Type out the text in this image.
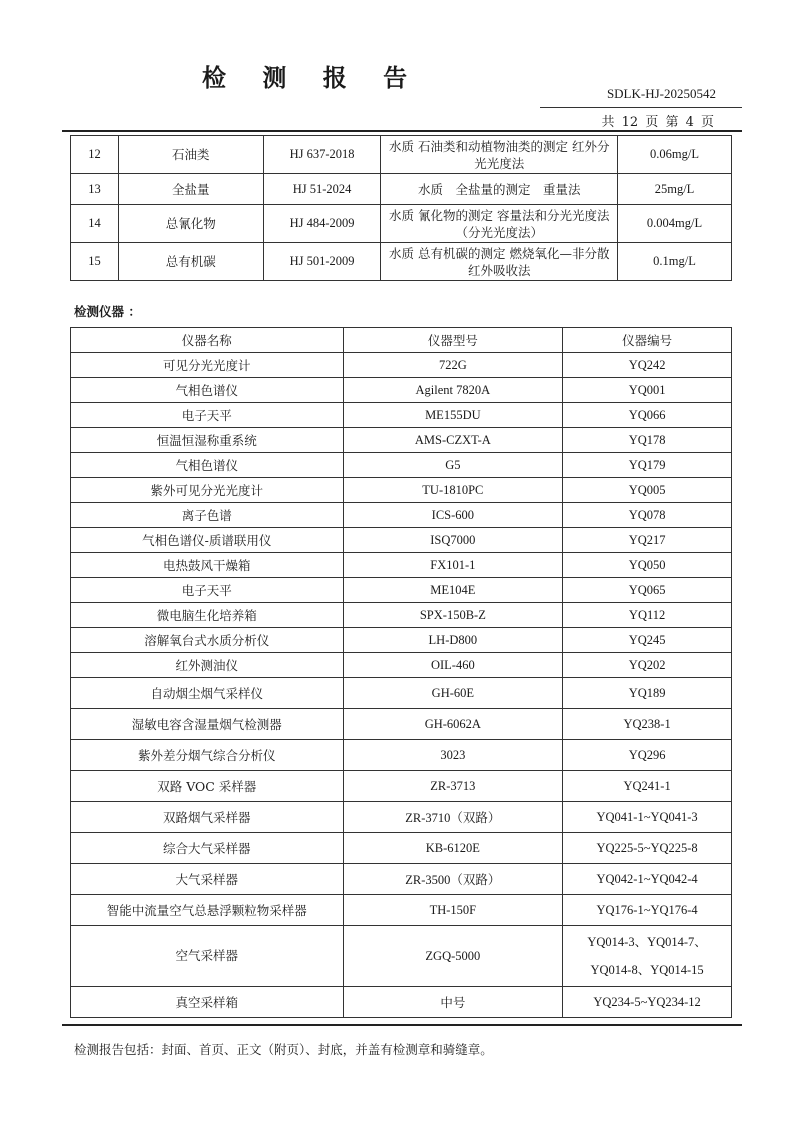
检 测 报 告
SDLK-HJ-20250542
共 12 页 第 4 页
12	石油类	HJ 637-2018	水质 石油类和动植物油类的测定 红外分光光度法	0.06mg/L
13	全盐量	HJ 51-2024	水质　全盐量的测定　重量法	25mg/L
14	总氰化物	HJ 484-2009	水质 氰化物的测定 容量法和分光光度法（分光光度法）	0.004mg/L
15	总有机碳	HJ 501-2009	水质 总有机碳的测定 燃烧氧化—非分散红外吸收法	0.1mg/L
检测仪器 ：
仪器名称	仪器型号	仪器编号
可见分光光度计	722G	YQ242
气相色谱仪	Agilent 7820A	YQ001
电子天平	ME155DU	YQ066
恒温恒湿称重系统	AMS-CZXT-A	YQ178
气相色谱仪	G5	YQ179
紫外可见分光光度计	TU-1810PC	YQ005
离子色谱	ICS-600	YQ078
气相色谱仪-质谱联用仪	ISQ7000	YQ217
电热鼓风干燥箱	FX101-1	YQ050
电子天平	ME104E	YQ065
微电脑生化培养箱	SPX-150B-Z	YQ112
溶解氧台式水质分析仪	LH-D800	YQ245
红外测油仪	OIL-460	YQ202
自动烟尘烟气采样仪	GH-60E	YQ189
湿敏电容含湿量烟气检测器	GH-6062A	YQ238-1
紫外差分烟气综合分析仪	3023	YQ296
双路 VOC 采样器	ZR-3713	YQ241-1
双路烟气采样器	ZR-3710（双路）	YQ041-1~YQ041-3
综合大气采样器	KB-6120E	YQ225-5~YQ225-8
大气采样器	ZR-3500（双路）	YQ042-1~YQ042-4
智能中流量空气总悬浮颗粒物采样器	TH-150F	YQ176-1~YQ176-4
空气采样器	ZGQ-5000	YQ014-3、YQ014-7、
YQ014-8、YQ014-15

真空采样箱	中号	YQ234-5~YQ234-12
检测报告包括：封面、首页、正文（附页）、封底，并盖有检测章和骑缝章。
